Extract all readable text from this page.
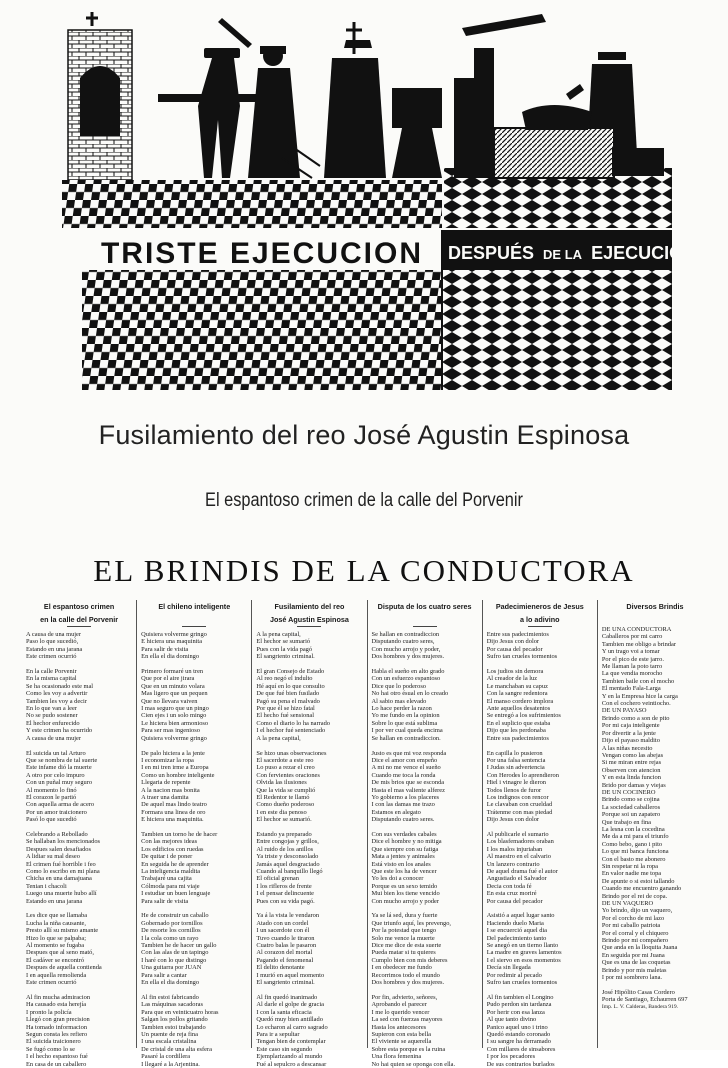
TRISTE EJECUCION DESPUÉS DE LA EJECUCION
Fusilamiento del reo José Agustin Espinosa
El espantoso crimen de la calle del Porvenir
EL BRINDIS DE LA CONDUCTORA
El espantoso crimen
en la calle del Porvenir
A causa de una mujer
Paso lo que sucedió,
Estando en una jarana
Este crimen ocurrió

En la calle Porvenir
En la misma capital
Se ha ocasionado este mal
Como les voy a advertir
Tambien les voy a decir
En lo que van a leer
No se pudo sostener
El hechor enfurecido
Y este crimen ha ocurrido
A causa de una mujer

El suicida un tal Arturo
Que se nombra de tal suerte
Este infame dió la muerte
A otro por celo impuro
Con un puñal muy seguro
Al momento lo finó
El corazon le partió
Con aquella arma de acero
Por un amor traicionero
Pasó lo que sucedió

Celebrando a Rebollado
Se hallaban los mencionados
Despues salen desafiados
A lidiar su mal deseo
El crimen fué horrible i feo
Como lo escribo en mi plana
Chicha en una damajuana
Tenian i chacoli
Luego una muerte hubo allí
Estando en una jarana

Les dice que se llamaba
Lucha la niña causante,
Presto allí su mismo amante
Hizo lo que se palpaba;
Al momento se fugaba
Despues que al seno mató,
El cadáver se encontró
Despues de aquella contienda
I en aquella remolienda
Este crimen ocurrió

Al fin mucha admiracion
Ha causado esta herejía
I pronto la policía
Llegó con gran precision
Ha tomado informacion
Segun consta les refiero
El suicida traicionero
Se fugó como lo se
I el hecho espantoso fué
En casa de un caballero
El chileno inteligente
Quisiera volverme gringo
E hiciera una maquinita
Para salir de visita
En ella el dia domingo

Primero formaré un tren
Que por el aire jirara
Que en un minuto volara
Mas ligero que un pequen
Que no llevara vaiven
I mas seguro que un pingo
Cien ejes i un solo mingo
Le hiciera bien armonioso
Para ser mas ingenioso
Quisiera volverme gringo

De palo hiciera a la jente
I economizar la ropa
I en mi tren irme a Europa
Como un hombre inteligente
Llegaria de repente
A la nacion mas bonita
A traer una damita
De aquel mas lindo teatro
Formara una linea de oro
E hiciera una maquinita.

Tambien un torno he de hacer
Con las mejores ideas
Los edificios con ruedas
De quitar i de poner
En seguida he de aprender
La inteligencia maldita
Trabajaré una cajita
Cólmoda para mi viaje
I estudiar un buen lenguaje
Para salir de visita

He de construir un caballo
Gobernado por tornillos
De resorte los cornillos
I la cola como un rayo
Tambien he de hacer un gallo
Con las alas de un tapingo
I haré con lo que distingo
Una guitarra por JUAN
Para salir a cantar
En ella el dia domingo

Al fin estoi fabricando
Las máquinas sacadoras
Para que en veinticuatro horas
Salgan los pollos gritando
Tambien estoi trabajando
Un puente de reja fina
I una escala cristalina
De cristal de una alta esfera
Pasaré la cordillera
I llegaré a la Arjentina.
Fusilamiento del reo
José Agustin Espinosa
A la pena capital,
El hechor se sumarió
Pues con la vida pagó
El sangriento criminal.

El gran Consejo de Estado
Al reo negó el indulto
Hé aquí en lo que consulto
De que fué bien fusilado
Pagó su pena el malvado
Por que él se hizo fatal
El hecho fué sensional
Como el diario lo ha narrado
I el hechor fué sentenciado
A la pena capital,

Se hizo unas observaciones
El sacerdote a este reo
Lo puso a rezar el creo
Con fervientes oraciones
Olvida las ilusiones
Que la vida se cumplió
El Redentor te llamó
Como dueño poderoso
I en este dia penoso
El hechor se sumarió.

Estando ya preparado
Entre congojas y grillos,
Al ruido de los anillos
Ya triste y desconsolado
Jamás aquel desgraciado
Cuando al banquillo llegó
El oficial grenan
I los rifleros de frente
I el pensar delincuente
Pues con su vida pagó.

Ya á la vista le vendaron
Atado con un cordel
I un sacerdote con él
Tuvo cuando le tiraron
Cuatro balas le pasaron
Al corazon del mortal
Pagando el fenomenal
El delito denotante
I murió en aquel momento
El sangriento criminal.

Al fin quedó inanimado
Al darle el golpe de gracia
I con la santa eficacia
Quedó muy bien antillado
Lo echaron al carro sagrado
Para ir a sepultar
Tengan bien de contemplar
Este caso sin segundo
Ejemplarizando al mundo
Fué al sepulcro a descansar
Disputa de los cuatro seres
Se hallan en contradiccion
Disputando cuatro seres,
Con mucho arrojo y poder,
Dos hombres y dos mujeres.

Habla el sueño en alto grado
Con un esfuerzo espantoso
Dice que lo poderoso
No hai otro ésual en lo creado
Al sabio mas elevado
Lo hace perder la razon
Yo me fundo en la opinion
Sobre lo que está sublima
I por ver cual queda encima
Se hallan en contradiccion.

Justo es que mi voz responda
Dice el amor con empeño
A mi no me vence el sueño
Cuando me toca la ronda
De mis brios que se esconda
Hasta el mas valiente alferez
Yo gobierno a los placeres
I con las damas me trazo
Estamos en alegato
Disputando cuatro seres.

Con sus verdades cabales
Dice el hombre y no mitiga
Que siempre con su fatiga
Mata a jentes y animales
Está visto en los anales
Que este los ha de vencer
Yo les doi a conocer
Porque es un sexo temido
Mui bien los tiene vencido
Con mucho arrojo y poder

Ya se lá sed, dura y fuerte
Que triunfo aquí, les prevengo,
Por la potestad que tengo
Solo me vence la muerte
Dice me dice de esta suerte
Pueda matar si tu quieres
Cumplo bien con mis deberes
I en obedecer me fundo
Recorrimos todo el mundo
Dos hombres y dos mujeres.

Por fin, advierto, señores,
Aprobando el parecer
I me lo querido vencer
La sed con fuerzas mayores
Hasta los antecesores
Supieron con esta bella
El viviente se aquerella
Sobre esta porque es la ruina
Una flora femenina
No hai quien se oponga con ella.
Padecimieneros de Jesus
a lo adivino
Entre sus padecimientos
Dijo Jesus con dolor
Por causa del pecador
Sufro tan crueles tormentos

Los judios sin demora
Al creador de la luz
Le manchaban su capuz
Con la sangre redentora
El manso cordero implora
Ante aquellos desatentos
Se entregó a los sufrimientos
En el suplicio que estaba
Dijo que les perdonaba
Entre sus padecimientos

En capilla lo pusieron
Por una falsa sentencia
I Judas sin advertencia
Con Herodes lo aprendieron
Hiel i vinagre le dieron
Todos llenos de furor
Los indignos con rencor
Le clavaban con crueldad
Trátenme con mas piedad
Dijo Jesus con dolor

Al publicarle el sumario
Los blasfemadores oraban
I los malos injuriaban
Al maestro en el calvario
Un lanzero contrario
De aquel drama fué el autor
Angustiado el Salvador
Decia con toda fé
En esta cruz moriré
Por causa del pecador

Asistió a aquel lugar santo
Haciendo duelo Maria
I se encuerció aquel dia
Del padecimiento tanto
Se anegó en un tierno llanto
La madre en graves lamentos
I el siervo en esos momentos
Decía sin llegada
Por redimir al pecado
Sufro tan crueles tormentos

Al fin tambien el Longino
Pudo perdon sin tardanza
Por herir con esa lanza
Al que tanto divino
Panico aquel uno i trino
Quedó estando coronado
I su sangre ha derramado
Con millares de sinsabores
I por los pecadores
De sus contrarios burlados
Diversos Brindis
DE UNA CONDUCTORA
Caballeros por mi carro
Tambien me obligo a brindar
Y un trago voi a tomar
Por el pico de este jarro.
Me llaman la poto tarro
La que vendia morocho
Tambien baile con el mocho
El mentado Fala-Larga
Y en la Empresa hice la carga
Con el cochero veintiocho.
DE UN PAYASO
Brindo como a son de pito
Por mi caja inteligente
Por divertir a la jente
Dijo el payaso maldito
A las niñas necesito
Vengan como las abejas
Si me miran entre rejas
Observen con atencion
Y en esta linda funcion
Brido por damas y viejas
DE UN COCINERO
Brindo como se cojina
La sociedad caballeros
Porque soi un zapatero
Que trabajo en fina
La lesna con la cocedina
Me da a mi para el triunfo
Como bebo, gano i pito
Lo que mi banca funciona
Con el basto me abonero
Sin respetar ni la ropa
En valor nadie me topa
De apunte o si estoi tallando
Cuando me encuentro ganando
Brindo por el rei de copa.
DE UN VAQUERO
Yo brindo, dijo un vaquero,
Por el corcho de mi lazo
Por mi caballo patriota
Por el corral y el chiquero
Brindo por mi compañero
Que anda en la lloquita Juana
En seguida por mi Juana
Que es una de las coquetas
Brindo y por mis maletas
I por mi sombrero lana.

José Hipólito Casas Cordero
Porta de Santiago, Echaurren 697
Imp. L. V. Calderas, Bandera 919.
